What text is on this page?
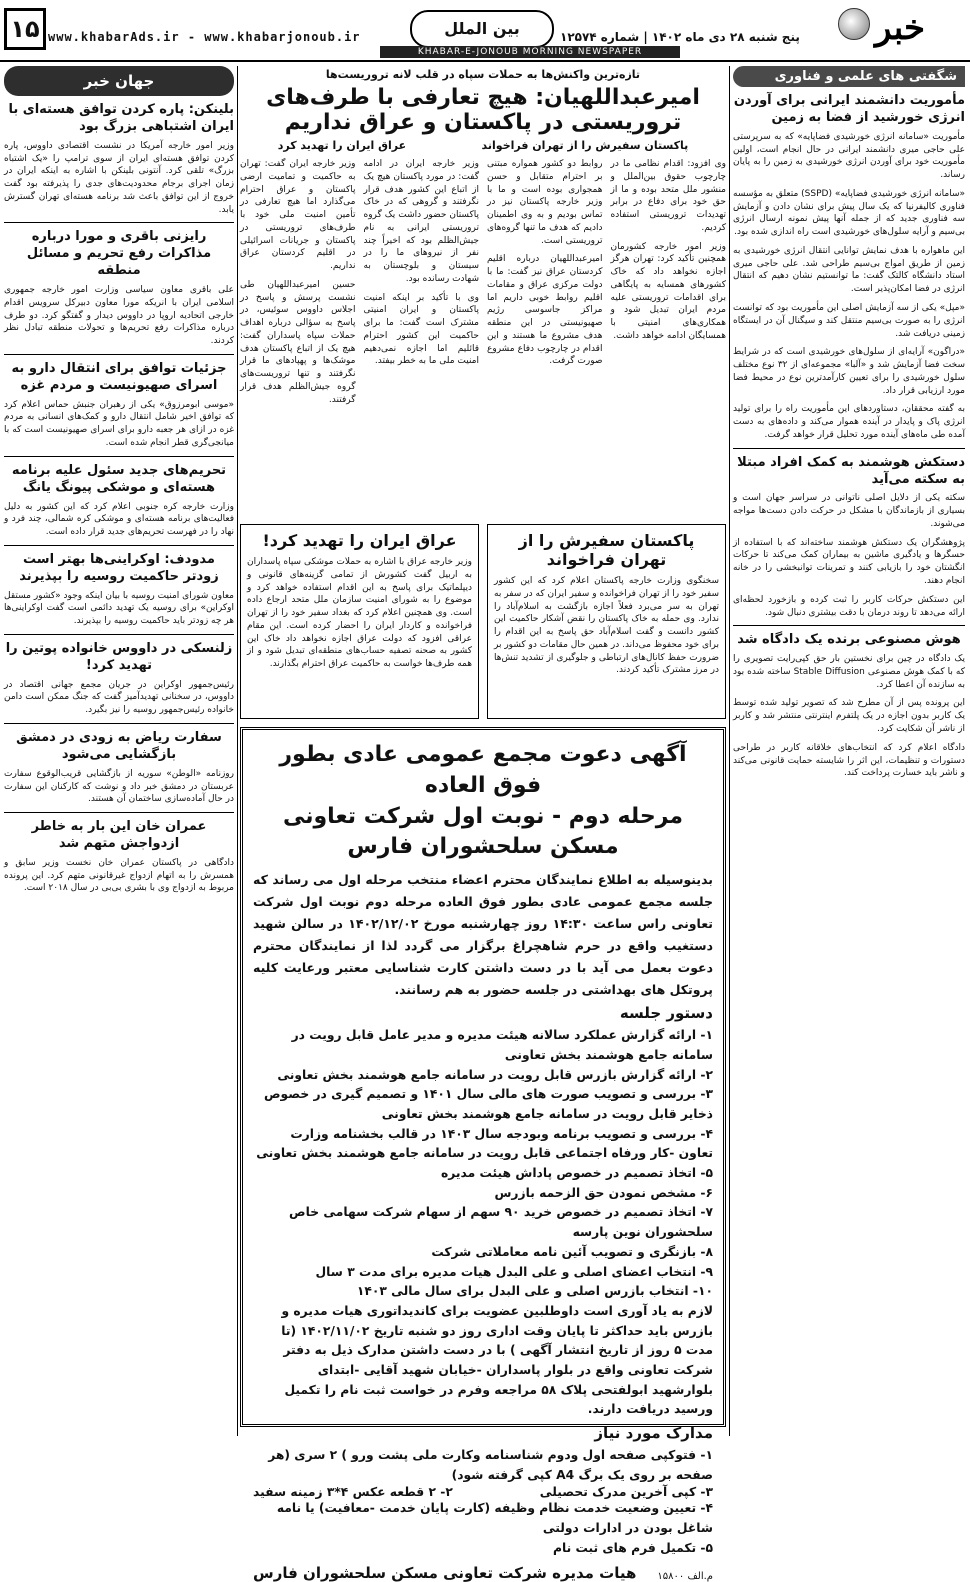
۱۵ www.khabarAds.ir - www.khabarjonoub.ir	بین الملل	پنج شنبه ۲۸ دی ماه ۱۴۰۲ | شماره ۱۲۵۷۴	خبر
KHABAR-E-JONOUB MORNING NEWSPAPER
شگفتی های علمی و فناوری
مأموریت دانشمند ایرانی برای آوردن انرژی خورشید از فضا به زمین

مأموریت «سامانه انرژی خورشیدی فضا‌پایه» که به سرپرستی علی حاجی میری دانشمند ایرانی در حال انجام است، اولین مأموریت خود برای آوردن انرژی خورشیدی به زمین را به پایان رساند.

«سامانه انرژی خورشیدی فضاپایه» (SSPD) متعلق به مؤسسه فناوری کالیفرنیا که یک سال پیش برای نشان دادن و آزمایش سه فناوری جدید که از جمله آنها پیش نمونه ارسال انرژی بی‌سیم و آرایه سلول‌های خورشیدی است راه اندازی شده بود.

این ماهواره با هدف نمایش توانایی انتقال انرژی خورشیدی به زمین از طریق امواج بی‌سیم طراحی شد. علی حاجی میری استاد دانشگاه کالتک گفت: ما توانستیم نشان دهیم که انتقال انرژی در فضا امکان‌پذیر است.

«مپل» یکی از سه آزمایش اصلی این مأموریت بود که توانست انرژی را به صورت بی‌سیم منتقل کند و سیگنال آن در ایستگاه زمینی دریافت شد.

«دراگون» آرایه‌ای از سلول‌های خورشیدی است که در شرایط سخت فضا آزمایش شد و «آلبا» مجموعه‌ای از ۳۲ نوع مختلف سلول خورشیدی را برای تعیین کارآمدترین نوع در محیط فضا مورد ارزیابی قرار داد.

به گفته محققان، دستاوردهای این مأموریت راه را برای تولید انرژی پاک و پایدار در آینده هموار می‌کند و داده‌های به دست آمده طی ماه‌های آینده مورد تحلیل قرار خواهد گرفت.

دستکش هوشمند به کمک افراد مبتلا به سکته می‌آید

سکته یکی از دلایل اصلی ناتوانی در سراسر جهان است و بسیاری از بازماندگان با مشکل در حرکت دادن دست‌ها مواجه می‌شوند.

پژوهشگران یک دستکش هوشمند ساخته‌اند که با استفاده از حسگرها و یادگیری ماشین به بیماران کمک می‌کند تا حرکات انگشتان خود را بازیابی کنند و تمرینات توانبخشی را در خانه انجام دهند.

این دستکش حرکات کاربر را ثبت کرده و بازخورد لحظه‌ای ارائه می‌دهد تا روند درمان با دقت بیشتری دنبال شود.

هوش مصنوعی برنده یک دادگاه شد

یک دادگاه در چین برای نخستین بار حق کپی‌رایت تصویری را که با کمک هوش مصنوعی Stable Diffusion ساخته شده بود به سازنده آن اعطا کرد.

این پرونده پس از آن مطرح شد که تصویر تولید شده توسط یک کاربر بدون اجازه در یک پلتفرم اینترنتی منتشر شد و کاربر از ناشر آن شکایت کرد.

دادگاه اعلام کرد که انتخاب‌های خلاقانه کاربر در طراحی دستورات و تنظیمات، این اثر را شایسته حمایت قانونی می‌کند و ناشر باید خسارت پرداخت کند.

تازه‌ترین واکنش‌ها به حملات سپاه در قلب لانه تروریست‌ها
امیرعبداللهیان: هیچ تعارفی با طرف‌های تروریستی در پاکستان و عراق نداریم
پاکستان سفیرش را از تهران فراخواند
عراق ایران را تهدید کرد

وزیر خارجه ایران گفت: تهران به حاکمیت و تمامیت ارضی پاکستان و عراق احترام می‌گذارد اما هیچ تعارفی در تأمین امنیت ملی خود با طرف‌های تروریستی در پاکستان و جریانات اسرائیلی در اقلیم کردستان عراق نداریم.

حسین امیرعبداللهیان طی نشست پرسش و پاسخ در اجلاس داووس سوئیس، در پاسخ به سؤالی درباره اهداف حملات سپاه پاسداران گفت: هیچ یک از اتباع پاکستان هدف موشک‌ها و پهپادهای ما قرار نگرفتند و تنها تروریست‌های گروه جیش‌الظلم هدف قرار گرفتند.

وزیر خارجه ایران در ادامه گفت: در مورد پاکستان هیچ یک از اتباع این کشور هدف قرار نگرفتند و گروهی که در خاک پاکستان حضور داشت یک گروه تروریستی ایرانی به نام جیش‌الظلم بود که اخیراً چند نفر از نیروهای ما را در سیستان و بلوچستان به شهادت رسانده بود.

وی با تأکید بر اینکه امنیت پاکستان و ایران امنیتی مشترک است گفت: ما برای حاکمیت این کشور احترام قائلیم اما اجازه نمی‌دهیم امنیت ملی ما به خطر بیفتد.

روابط دو کشور همواره مبتنی بر احترام متقابل و حسن همجواری بوده است و ما با وزیر خارجه پاکستان نیز در تماس بودیم و به وی اطمینان دادیم که هدف ما تنها گروه‌های تروریستی است.

امیرعبداللهیان درباره اقلیم کردستان عراق نیز گفت: ما با دولت مرکزی عراق و مقامات اقلیم روابط خوبی داریم اما مراکز جاسوسی رژیم صهیونیستی در این منطقه هدف مشروع ما هستند و این اقدام در چارچوب دفاع مشروع صورت گرفت.

وی افزود: اقدام نظامی ما در چارچوب حقوق بین‌الملل و منشور ملل متحد بوده و ما از حق خود برای دفاع در برابر تهدیدات تروریستی استفاده کردیم.

وزیر امور خارجه کشورمان همچنین تأکید کرد: تهران هرگز اجازه نخواهد داد که خاک کشورهای همسایه به پایگاهی برای اقدامات تروریستی علیه مردم ایران تبدیل شود و همکاری‌های امنیتی با همسایگان ادامه خواهد داشت.

عراق ایران را تهدید کرد!

وزیر خارجه عراق با اشاره به حملات موشکی سپاه پاسداران به اربیل گفت کشورش از تمامی گزینه‌های قانونی و دیپلماتیک برای پاسخ به این اقدام استفاده خواهد کرد و موضوع را به شورای امنیت سازمان ملل متحد ارجاع داده است. وی همچنین اعلام کرد که بغداد سفیر خود را از تهران فراخوانده و کاردار ایران را احضار کرده است. این مقام عراقی افزود که دولت عراق اجازه نخواهد داد خاک این کشور به صحنه تصفیه حساب‌های منطقه‌ای تبدیل شود و از همه طرف‌ها خواست به حاکمیت عراق احترام بگذارند.

پاکستان سفیرش را از تهران فراخواند

سخنگوی وزارت خارجه پاکستان اعلام کرد که این کشور سفیر خود را از تهران فراخوانده و سفیر ایران که در سفر به تهران به سر می‌برد فعلاً اجازه بازگشت به اسلام‌آباد را ندارد. وی حمله به خاک پاکستان را نقض آشکار حاکمیت این کشور دانست و گفت اسلام‌آباد حق پاسخ به این اقدام را برای خود محفوظ می‌داند. در همین حال مقامات دو کشور بر ضرورت حفظ کانال‌های ارتباطی و جلوگیری از تشدید تنش‌ها در مرز مشترک تأکید کردند.

آگهی دعوت مجمع عمومی عادی بطور فوق العاده
مرحله دوم - نوبت اول شرکت تعاونی مسکن سلحشوران فارس

بدینوسیله به اطلاع نمایندگان محترم اعضاء منتخب مرحله اول می رساند که جلسه مجمع عمومی عادی بطور فوق العاده مرحله دوم نوبت اول شرکت تعاونی راس ساعت ۱۴:۳۰ روز چهارشنبه مورخ ۱۴۰۲/۱۲/۰۲ در سالن شهید دستغیب واقع در حرم شاهچراغ برگزار می گردد لذا از نمایندگان محترم دعوت بعمل می آید با در دست داشتن کارت شناسایی معتبر ورعایت کلیه پروتکل های بهداشتی در جلسه حضور به هم رسانند.

دستور جلسه

۱- ارائه گزارش عملکرد سالانه هیئت مدیره و مدیر عامل قابل رویت در سامانه جامع هوشمند بخش تعاونی

۲- ارائه گزارش بازرس قابل رویت در سامانه جامع هوشمند بخش تعاونی

۳- بررسی و تصویب صورت های مالی سال ۱۴۰۱ و تصمیم گیری در خصوص ذخایر قابل رویت در سامانه جامع هوشمند بخش تعاونی

۴- بررسی و تصویب برنامه وبودجه سال ۱۴۰۳ در قالب بخشنامه وزارت تعاون -کار ورفاه اجتماعی قابل رویت در سامانه جامع هوشمند بخش تعاونی

۵- اتخاذ تصمیم در خصوص پاداش هیئت مدیره

۶- مشخص نمودن حق الزحمه بازرس

۷- اتخاذ تصمیم در خصوص خرید ۹۰ سهم از سهام شرکت سهامی خاص سلحشوران نوین پارسه

۸- بازنگری و تصویب آئین نامه معاملاتی شرکت

۹- انتخاب اعضای اصلی و علی البدل هیات مدیره برای مدت ۳ سال

۱۰- انتخاب بازرس اصلی و علی البدل برای سال مالی ۱۴۰۳

لازم به یاد آوری است داوطلبین عضویت برای کاندیداتوری هیات مدیره و بازرس باید حداکثر تا پایان وقت اداری روز دو شنبه تاریخ ۱۴۰۲/۱۱/۰۲ (تا مدت ۵ روز از تاریخ انتشار آگهی ) با در دست داشتن مدارک ذیل به دفتر شرکت تعاونی واقع در بلوار پاسداران -خیابان شهید آقایی -ابتدای بلوارشهید ابولفتحی پلاک ۵۸ مراجعه وفرم در خواست ثبت نام را تکمیل ورسید دریافت دارند.

مدارک مورد نیاز

۱- فتوکپی صفحه اول ودوم شناسنامه وکارت ملی پشت ورو ) ۲ سری (هر صفحه بر روی یک برگ A4 کپی گرفته شود)

۲- ۲ قطعه عکس ۴*۳ زمینه سفید	۳- کپی آخرین مدرک تحصیلی

۴- تعیین وضعیت خدمت نظام وظیفه (کارت پایان خدمت -معافیت) یا نامه شاغل بودن در ادارات دولتی

۵- تکمیل فرم های ثبت نام

هیات مدیره شرکت تعاونی مسکن سلحشوران فارس م.الف ۱۵۸۰۰
جهان خبر
بلینکن: پاره کردن توافق هسته‌ای با ایران اشتباهی بزرگ بود

وزیر امور خارجه آمریکا در نشست اقتصادی داووس، پاره کردن توافق هسته‌ای ایران از سوی ترامپ را «یک اشتباه بزرگ» تلقی کرد. آنتونی بلینکن با اشاره به اینکه ایران در زمان اجرای برجام محدودیت‌های جدی را پذیرفته بود گفت خروج از این توافق باعث شد برنامه هسته‌ای تهران گسترش یابد.

رایزنی باقری و مورا درباره مذاکرات رفع تحریم و مسائل منطقه

علی باقری معاون سیاسی وزارت امور خارجه جمهوری اسلامی ایران با انریکه مورا معاون دبیرکل سرویس اقدام خارجی اتحادیه اروپا در داووس دیدار و گفتگو کرد. دو طرف درباره مذاکرات رفع تحریم‌ها و تحولات منطقه تبادل نظر کردند.

جزئیات توافق برای انتقال دارو به اسرای صهیونیست و مردم غزه

«موسی ابومرزوق» یکی از رهبران جنبش حماس اعلام کرد که توافق اخیر شامل انتقال دارو و کمک‌های انسانی به مردم غزه در ازای هر جعبه دارو برای اسرای صهیونیست است که با میانجی‌گری قطر انجام شده است.

تحریم‌های جدید سئول علیه برنامه هسته‌ای و موشکی پیونگ یانگ

وزارت خارجه کره جنوبی اعلام کرد که این کشور به دلیل فعالیت‌های برنامه هسته‌ای و موشکی کره شمالی، چند فرد و نهاد را در فهرست تحریم‌های جدید قرار داده است.

مدودف: اوکراینی‌ها بهتر است زودتر حاکمیت روسیه را بپذیرند

معاون شورای امنیت روسیه با بیان اینکه وجود «کشور مستقل اوکراین» برای روسیه یک تهدید دائمی است گفت اوکراینی‌ها هر چه زودتر باید حاکمیت روسیه را بپذیرند.

زلنسکی در داووس خانواده پوتین را تهدید کرد!

رئیس‌جمهور اوکراین در جریان مجمع جهانی اقتصاد در داووس، در سخنانی تهدیدآمیز گفت که جنگ ممکن است دامن خانواده رئیس‌جمهور روسیه را نیز بگیرد.

سفارت ریاض به زودی در دمشق بازگشایی می‌شود

روزنامه «الوطن» سوریه از بازگشایی قریب‌الوقوع سفارت عربستان در دمشق خبر داد و نوشت که کارکنان این سفارت در حال آماده‌سازی ساختمان آن هستند.

عمران خان این بار به خاطر ازدواجش متهم شد

دادگاهی در پاکستان عمران خان نخست وزیر سابق و همسرش را به اتهام ازدواج غیرقانونی متهم کرد. این پرونده مربوط به ازدواج وی با بشری بی‌بی در سال ۲۰۱۸ است.
